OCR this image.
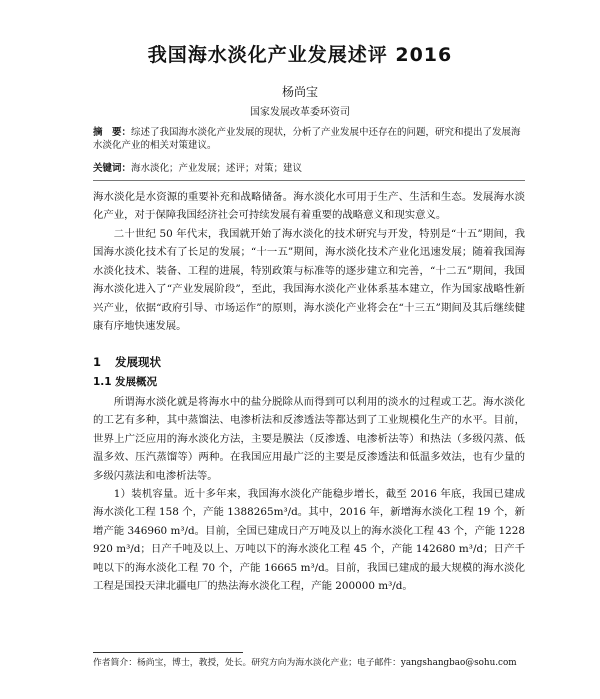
我国海水淡化产业发展述评 2016
杨尚宝
国家发展改革委环资司
摘　要：综述了我国海水淡化产业发展的现状，分析了产业发展中还存在的问题，研究和提出了发展海水淡化产业的相关对策建议。
关键词：海水淡化；产业发展；述评；对策；建议

海水淡化是水资源的重要补充和战略储备。海水淡化水可用于生产、生活和生态。发展海水淡化产业，对于保障我国经济社会可持续发展有着重要的战略意义和现实意义。

二十世纪 50 年代末，我国就开始了海水淡化的技术研究与开发，特别是“十五”期间，我国海水淡化技术有了长足的发展；“十一五”期间，海水淡化技术产业化迅速发展；随着我国海水淡化技术、装备、工程的进展，特别政策与标准等的逐步建立和完善，“十二五”期间，我国海水淡化进入了“产业发展阶段”，至此，我国海水淡化产业体系基本建立，作为国家战略性新兴产业，依据“政府引导、市场运作”的原则，海水淡化产业将会在“十三五”期间及其后继续健康有序地快速发展。

1 发展现状
1.1 发展概况

所谓海水淡化就是将海水中的盐分脱除从而得到可以利用的淡水的过程或工艺。海水淡化的工艺有多种，其中蒸馏法、电渗析法和反渗透法等都达到了工业规模化生产的水平。目前，世界上广泛应用的海水淡化方法，主要是膜法（反渗透、电渗析法等）和热法（多级闪蒸、低温多效、压汽蒸馏等）两种。在我国应用最广泛的主要是反渗透法和低温多效法，也有少量的多级闪蒸法和电渗析法等。

1）装机容量。近十多年来，我国海水淡化产能稳步增长，截至 2016 年底，我国已建成海水淡化工程 158 个，产能 1388265m³/d。其中，2016 年，新增海水淡化工程 19 个，新增产能 346960 m³/d。目前，全国已建成日产万吨及以上的海水淡化工程 43 个，产能 1228 920 m³/d；日产千吨及以上、万吨以下的海水淡化工程 45 个，产能 142680 m³/d；日产千吨以下的海水淡化工程 70 个，产能 16665 m³/d。目前，我国已建成的最大规模的海水淡化工程是国投天津北疆电厂的热法海水淡化工程，产能 200000 m³/d。

作者简介：杨尚宝，博士，教授，处长。研究方向为海水淡化产业；电子邮件：yangshangbao@sohu.com
